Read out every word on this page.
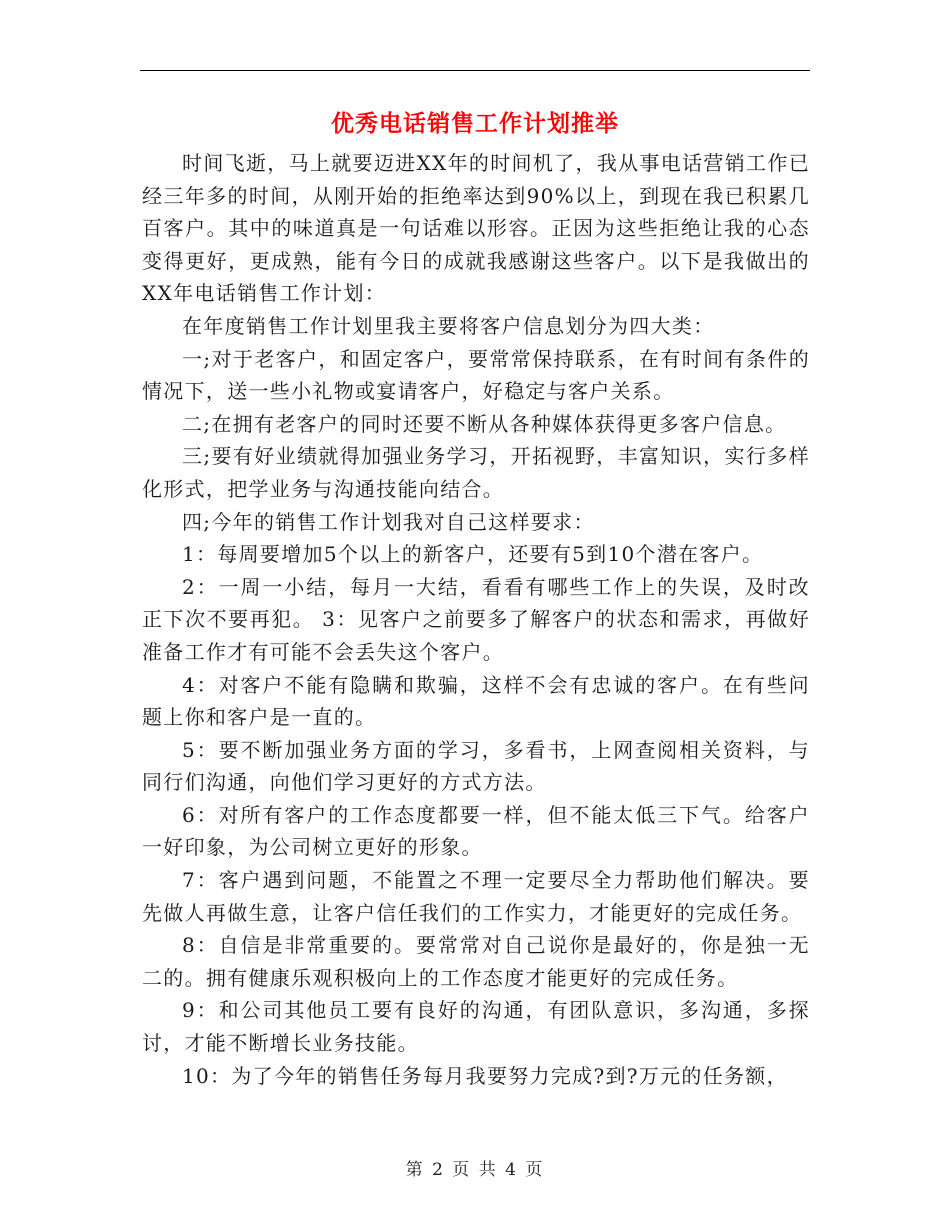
优秀电话销售工作计划推举

时间飞逝，马上就要迈进XX年的时间机了，我从事电话营销工作已经三年多的时间，从刚开始的拒绝率达到90%以上，到现在我已积累几百客户。其中的味道真是一句话难以形容。正因为这些拒绝让我的心态变得更好，更成熟，能有今日的成就我感谢这些客户。以下是我做出的XX年电话销售工作计划：

在年度销售工作计划里我主要将客户信息划分为四大类：

一;对于老客户，和固定客户，要常常保持联系，在有时间有条件的情况下，送一些小礼物或宴请客户，好稳定与客户关系。

二;在拥有老客户的同时还要不断从各种媒体获得更多客户信息。

三;要有好业绩就得加强业务学习，开拓视野，丰富知识，实行多样化形式，把学业务与沟通技能向结合。

四;今年的销售工作计划我对自己这样要求：

1：每周要增加5个以上的新客户，还要有5到10个潜在客户。

2：一周一小结，每月一大结，看看有哪些工作上的失误，及时改正下次不要再犯。 3：见客户之前要多了解客户的状态和需求，再做好准备工作才有可能不会丢失这个客户。

4：对客户不能有隐瞒和欺骗，这样不会有忠诚的客户。在有些问题上你和客户是一直的。

5：要不断加强业务方面的学习，多看书，上网查阅相关资料，与同行们沟通，向他们学习更好的方式方法。

6：对所有客户的工作态度都要一样，但不能太低三下气。给客户一好印象，为公司树立更好的形象。

7：客户遇到问题，不能置之不理一定要尽全力帮助他们解决。要先做人再做生意，让客户信任我们的工作实力，才能更好的完成任务。

8：自信是非常重要的。要常常对自己说你是最好的，你是独一无二的。拥有健康乐观积极向上的工作态度才能更好的完成任务。

9：和公司其他员工要有良好的沟通，有团队意识，多沟通，多探讨，才能不断增长业务技能。

10：为了今年的销售任务每月我要努力完成?到?万元的任务额，

第 2 页 共 4 页
